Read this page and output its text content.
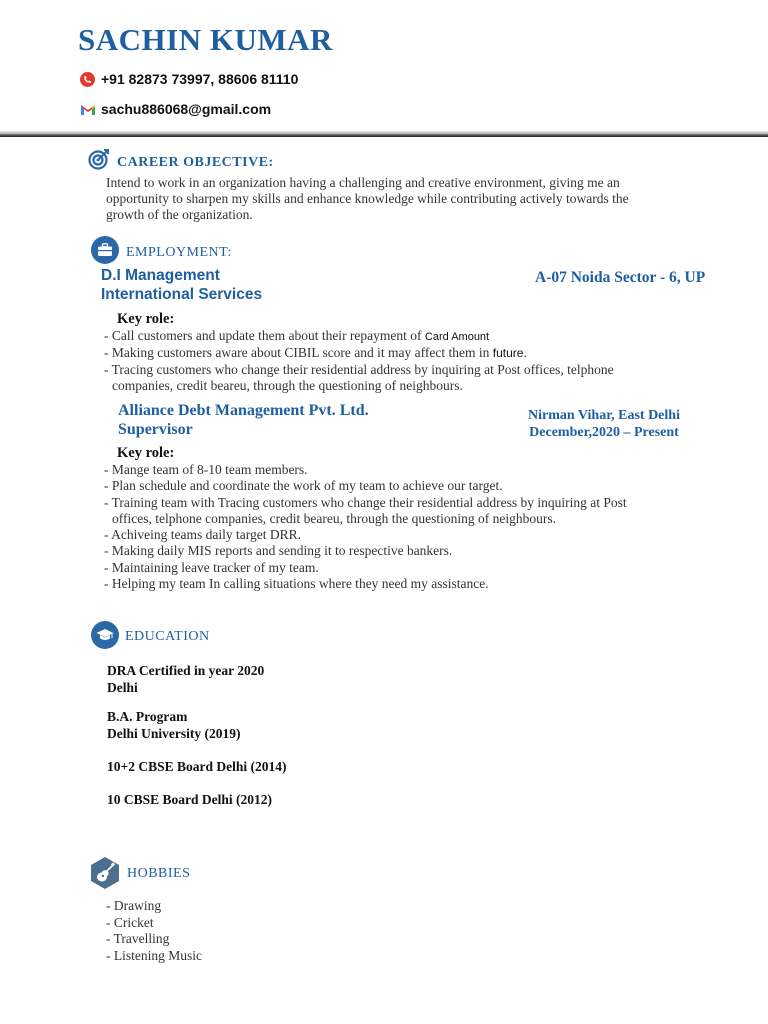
SACHIN KUMAR
+91 82873 73997, 88606 81110
sachu886068@gmail.com
CAREER OBJECTIVE:
Intend to work in an organization having a challenging and creative environment, giving me an
opportunity to sharpen my skills and enhance knowledge while contributing actively towards the
growth of the organization.
EMPLOYMENT:
D.I Management
International Services
A-07 Noida Sector - 6, UP
Key role:
- Call customers and update them about their repayment of Card Amount
- Making customers aware about CIBIL score and it may affect them in future.
- Tracing customers who change their residential address by inquiring at Post offices, telphone
companies, credit beareu, through the questioning of neighbours.
Alliance Debt Management Pvt. Ltd.
Supervisor
Nirman Vihar, East Delhi
December,2020 – Present
Key role:
- Mange team of 8-10 team members.
- Plan schedule and coordinate the work of my team to achieve our target.
- Training team with Tracing customers who change their residential address by inquiring at Post
offices, telphone companies, credit beareu, through the questioning of neighbours.
- Achiveing teams daily target DRR.
- Making daily MIS reports and sending it to respective bankers.
- Maintaining leave tracker of my team.
- Helping my team In calling situations where they need my assistance.
EDUCATION
DRA Certified in year 2020
Delhi
B.A. Program
Delhi University (2019)
10+2 CBSE Board Delhi (2014)
10 CBSE Board Delhi (2012)
HOBBIES
- Drawing
- Cricket
- Travelling
- Listening Music
